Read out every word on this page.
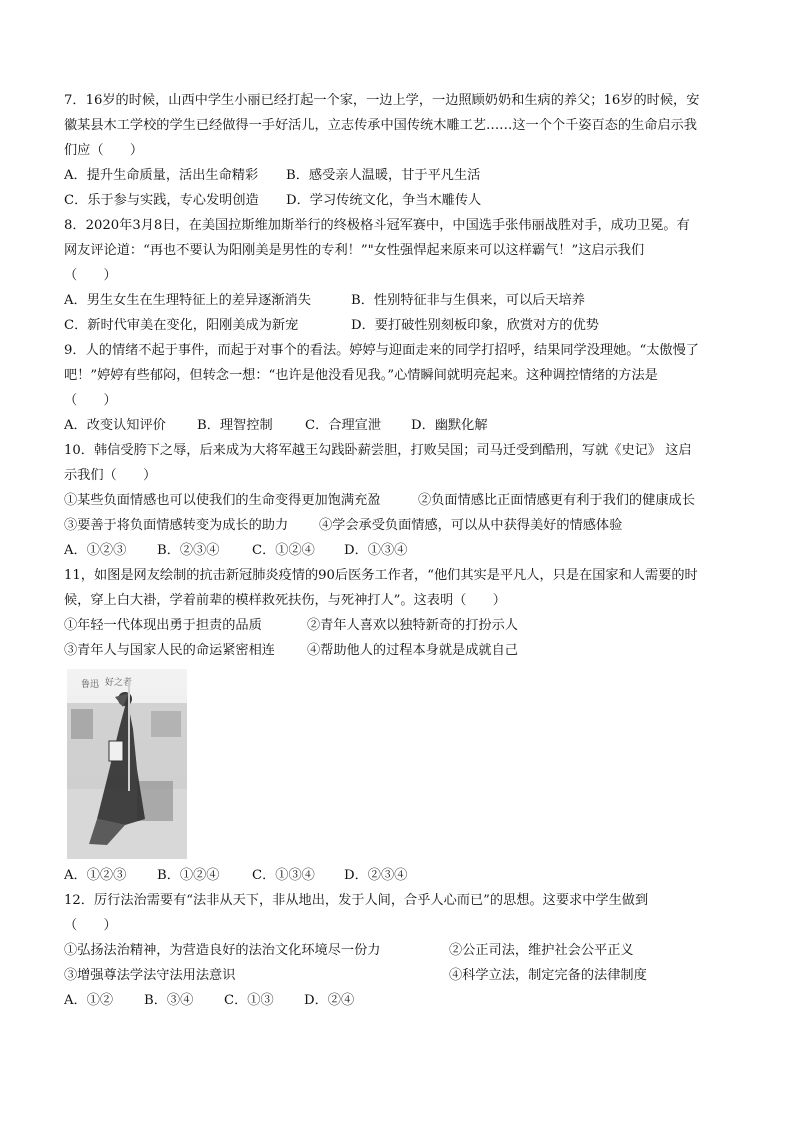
7．16岁的时候，山西中学生小丽已经打起一个家，一边上学，一边照顾奶奶和生病的养父；16岁的时候，安
徽某县木工学校的学生已经做得一手好活儿，立志传承中国传统木雕工艺……这一个个千姿百态的生命启示我
们应（　　）
A．提升生命质量，活出生命精彩	B．感受亲人温暖，甘于平凡生活
C．乐于参与实践，专心发明创造	D．学习传统文化，争当木雕传人
8．2020年3月8日，在美国拉斯维加斯举行的终极格斗冠军赛中，中国选手张伟丽战胜对手，成功卫冕。有
网友评论道：“再也不要认为阳刚美是男性的专利！”"女性强悍起来原来可以这样霸气！”这启示我们
（　　）
A．男生女生在生理特征上的差异逐渐消失	B．性别特征非与生俱来，可以后天培养
C．新时代审美在变化，阳刚美成为新宠	D．要打破性别刻板印象，欣赏对方的优势
9．人的情绪不起于事件，而起于对事个的看法。婷婷与迎面走来的同学打招呼，结果同学没理她。“太傲慢了
吧！”婷婷有些郁闷，但转念一想：“也许是他没看见我。”心情瞬间就明亮起来。这种调控情绪的方法是
（　　）
A．改变认知评价	B．理智控制	C．合理宣泄	D．幽默化解
10．韩信受胯下之辱，后来成为大将军越王勾践卧薪尝胆，打败吴国；司马迁受到酷刑，写就《史记》 这启
示我们（　　）
①某些负面情感也可以使我们的生命变得更加饱满充盈	②负面情感比正面情感更有利于我们的健康成长
③要善于将负面情感转变为成长的助力	④学会承受负面情感，可以从中获得美好的情感体验
A．①②③	B．②③④	C．①②④	D．①③④
11，如图是网友绘制的抗击新冠肺炎疫情的90后医务工作者，“他们其实是平凡人，只是在国家和人需要的时
候，穿上白大褂，学着前辈的模样救死扶伤，与死神打人”。这表明（　　）
①年轻一代体现出勇于担责的品质	②青年人喜欢以独特新奇的打扮示人
③青年人与国家人民的命运紧密相连	④帮助他人的过程本身就是成就自己
鲁迅 好之者
A．①②③	B．①②④	C．①③④	D．②③④
12．厉行法治需要有“法非从天下，非从地出，发于人间，合乎人心而已”的思想。这要求中学生做到
（　　）
①弘扬法治精神，为营造良好的法治文化环境尽一份力	②公正司法，维护社会公平正义
③增强尊法学法守法用法意识	④科学立法，制定完备的法律制度
A．①②	B．③④	C．①③	D．②④
